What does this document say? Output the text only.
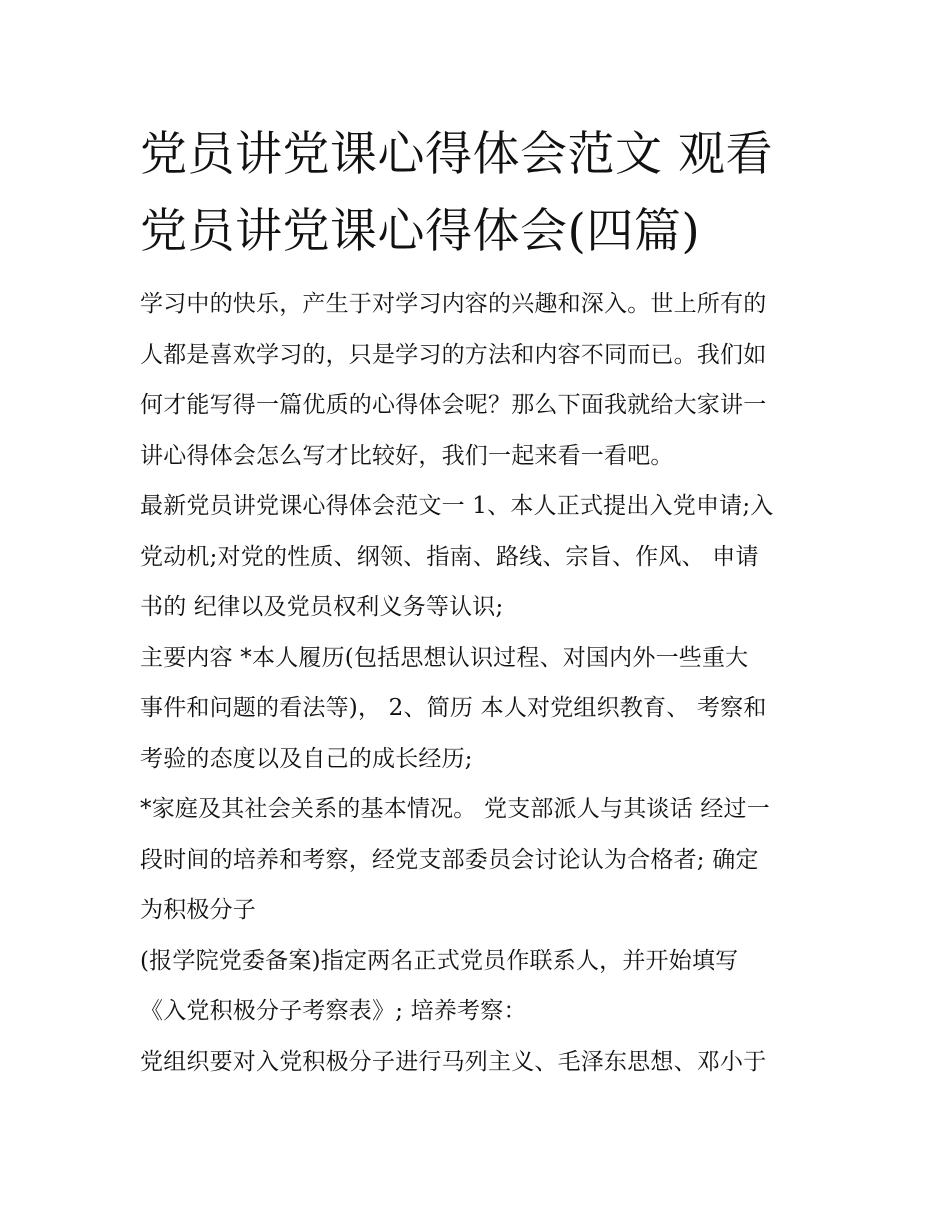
党员讲党课心得体会范文 观看
党员讲党课心得体会(四篇)
学习中的快乐，产生于对学习内容的兴趣和深入。世上所有的
人都是喜欢学习的，只是学习的方法和内容不同而已。我们如
何才能写得一篇优质的心得体会呢？那么下面我就给大家讲一
讲心得体会怎么写才比较好，我们一起来看一看吧。
最新党员讲党课心得体会范文一 1、本人正式提出入党申请;入
党动机;对党的性质、纲领、指南、路线、宗旨、作风、 申请
书的 纪律以及党员权利义务等认识;
主要内容 *本人履历(包括思想认识过程、对国内外一些重大
事件和问题的看法等)， 2、简历 本人对党组织教育、 考察和
考验的态度以及自己的成长经历;
*家庭及其社会关系的基本情况。 党支部派人与其谈话 经过一
段时间的培养和考察，经党支部委员会讨论认为合格者; 确定
为积极分子
(报学院党委备案)指定两名正式党员作联系人，并开始填写
《入党积极分子考察表》; 培养考察：
党组织要对入党积极分子进行马列主义、毛泽东思想、邓小于
